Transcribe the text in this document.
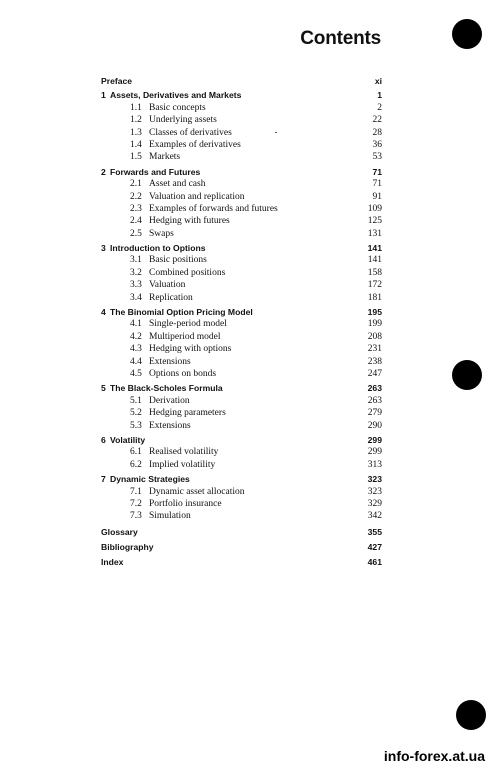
Contents
Preface	xi
1 Assets, Derivatives and Markets	1
1.1 Basic concepts	2
1.2 Underlying assets	22
1.3 Classes of derivatives	28
1.4 Examples of derivatives	36
1.5 Markets	53
2 Forwards and Futures	71
2.1 Asset and cash	71
2.2 Valuation and replication	91
2.3 Examples of forwards and futures	109
2.4 Hedging with futures	125
2.5 Swaps	131
3 Introduction to Options	141
3.1 Basic positions	141
3.2 Combined positions	158
3.3 Valuation	172
3.4 Replication	181
4 The Binomial Option Pricing Model	195
4.1 Single-period model	199
4.2 Multiperiod model	208
4.3 Hedging with options	231
4.4 Extensions	238
4.5 Options on bonds	247
5 The Black-Scholes Formula	263
5.1 Derivation	263
5.2 Hedging parameters	279
5.3 Extensions	290
6 Volatility	299
6.1 Realised volatility	299
6.2 Implied volatility	313
7 Dynamic Strategies	323
7.1 Dynamic asset allocation	323
7.2 Portfolio insurance	329
7.3 Simulation	342
Glossary	355
Bibliography	427
Index	461
info-forex.at.ua
